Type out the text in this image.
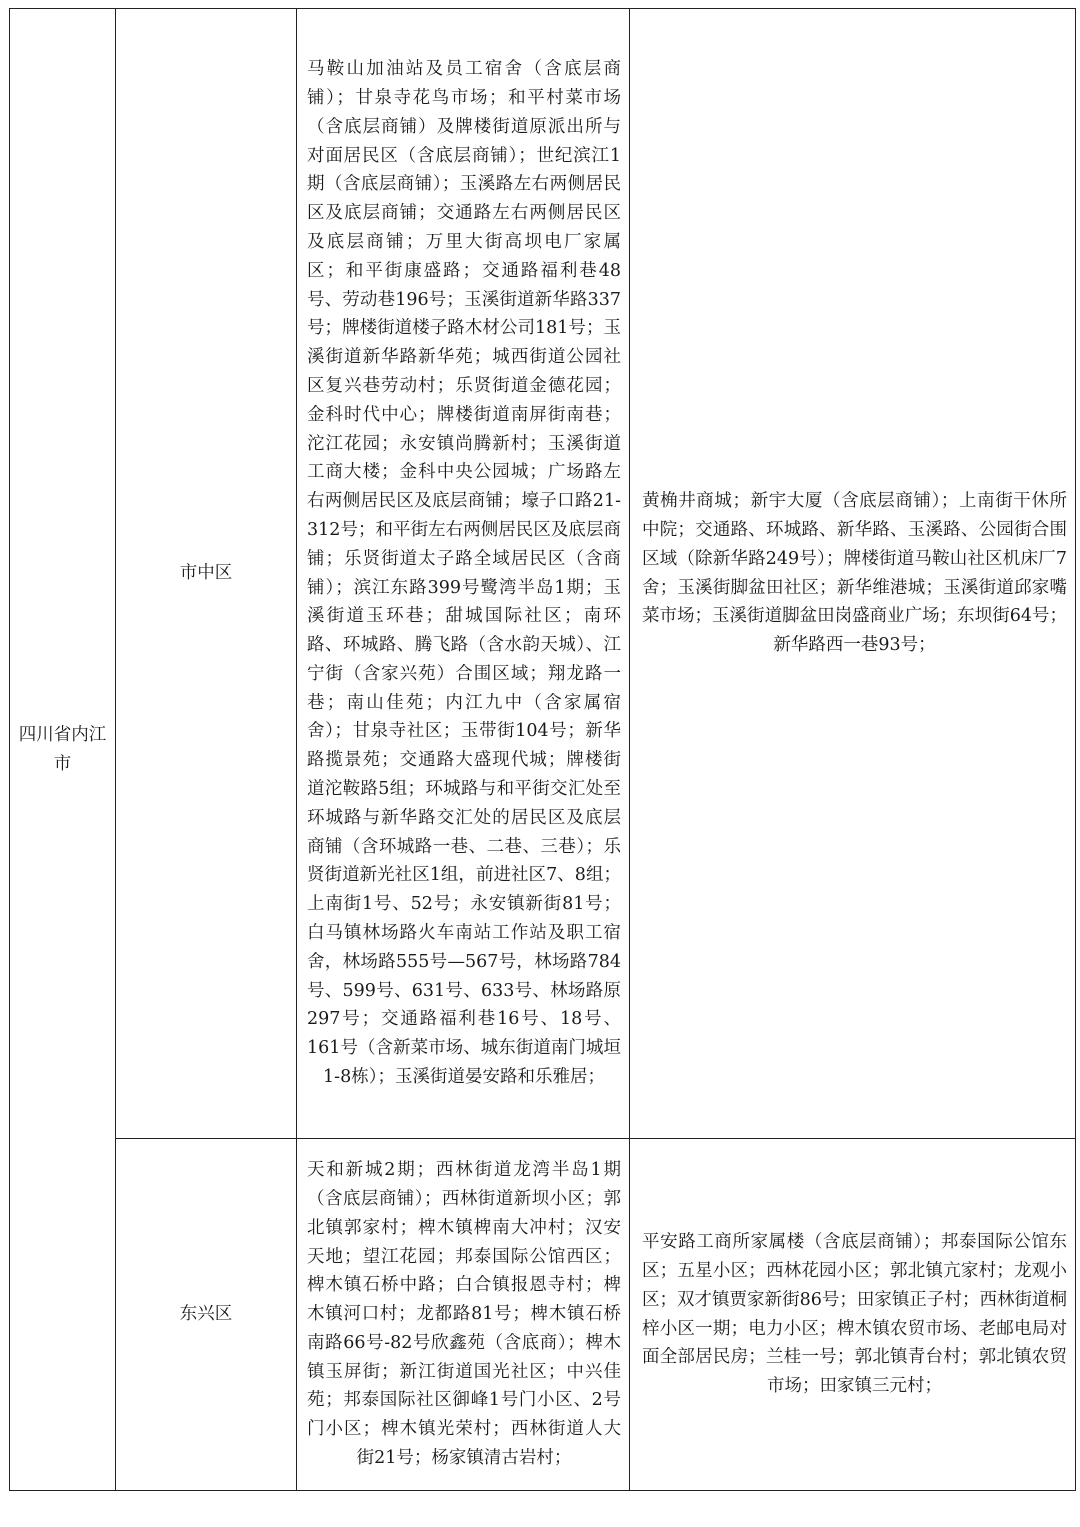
四川省内江市	市中区	马鞍山加油站及员工宿舍（含底层商铺）；甘泉寺花鸟市场；和平村菜市场（含底层商铺）及牌楼街道原派出所与对面居民区（含底层商铺）；世纪滨江1期（含底层商铺）；玉溪路左右两侧居民区及底层商铺；交通路左右两侧居民区及底层商铺；万里大街高坝电厂家属区；和平街康盛路；交通路福利巷48号、劳动巷196号；玉溪街道新华路337号；牌楼街道楼子路木材公司181号；玉溪街道新华路新华苑；城西街道公园社区复兴巷劳动村；乐贤街道金德花园；金科时代中心；牌楼街道南屏街南巷；沱江花园；永安镇尚腾新村；玉溪街道工商大楼；金科中央公园城；广场路左右两侧居民区及底层商铺；壕子口路21-312号；和平街左右两侧居民区及底层商铺；乐贤街道太子路全域居民区（含商铺）；滨江东路399号鹭湾半岛1期；玉溪街道玉环巷；甜城国际社区；南环路、环城路、腾飞路（含水韵天城）、江宁街（含家兴苑）合围区域；翔龙路一巷；南山佳苑；内江九中（含家属宿舍）；甘泉寺社区；玉带街104号；新华路揽景苑；交通路大盛现代城；牌楼街道沱鞍路5组；环城路与和平街交汇处至环城路与新华路交汇处的居民区及底层商铺（含环城路一巷、二巷、三巷）；乐贤街道新光社区1组，前进社区7、8组；上南街1号、52号；永安镇新街81号；白马镇林场路火车南站工作站及职工宿舍，林场路555号—567号，林场路784号、599号、631号、633号、林场路原297号；交通路福利巷16号、18号、161号（含新菜市场、城东街道南门城垣1-8栋）；玉溪街道晏安路和乐雅居；	黄桷井商城；新宇大厦（含底层商铺）；上南街干休所中院；交通路、环城路、新华路、玉溪路、公园街合围区域（除新华路249号）；牌楼街道马鞍山社区机床厂7舍；玉溪街脚盆田社区；新华维港城；玉溪街道邱家嘴菜市场；玉溪街道脚盆田岗盛商业广场；东坝街64号；新华路西一巷93号；
	东兴区	天和新城2期；西林街道龙湾半岛1期（含底层商铺）；西林街道新坝小区；郭北镇郭家村；椑木镇椑南大冲村；汉安天地；望江花园；邦泰国际公馆西区；椑木镇石桥中路；白合镇报恩寺村；椑木镇河口村；龙都路81号；椑木镇石桥南路66号-82号欣鑫苑（含底商）；椑木镇玉屏街；新江街道国光社区；中兴佳苑；邦泰国际社区御峰1号门小区、2号门小区；椑木镇光荣村；西林街道人大街21号；杨家镇清古岩村；	平安路工商所家属楼（含底层商铺）；邦泰国际公馆东区；五星小区；西林花园小区；郭北镇亢家村；龙观小区；双才镇贾家新街86号；田家镇正子村；西林街道桐梓小区一期；电力小区；椑木镇农贸市场、老邮电局对面全部居民房；兰桂一号；郭北镇青台村；郭北镇农贸市场；田家镇三元村；
